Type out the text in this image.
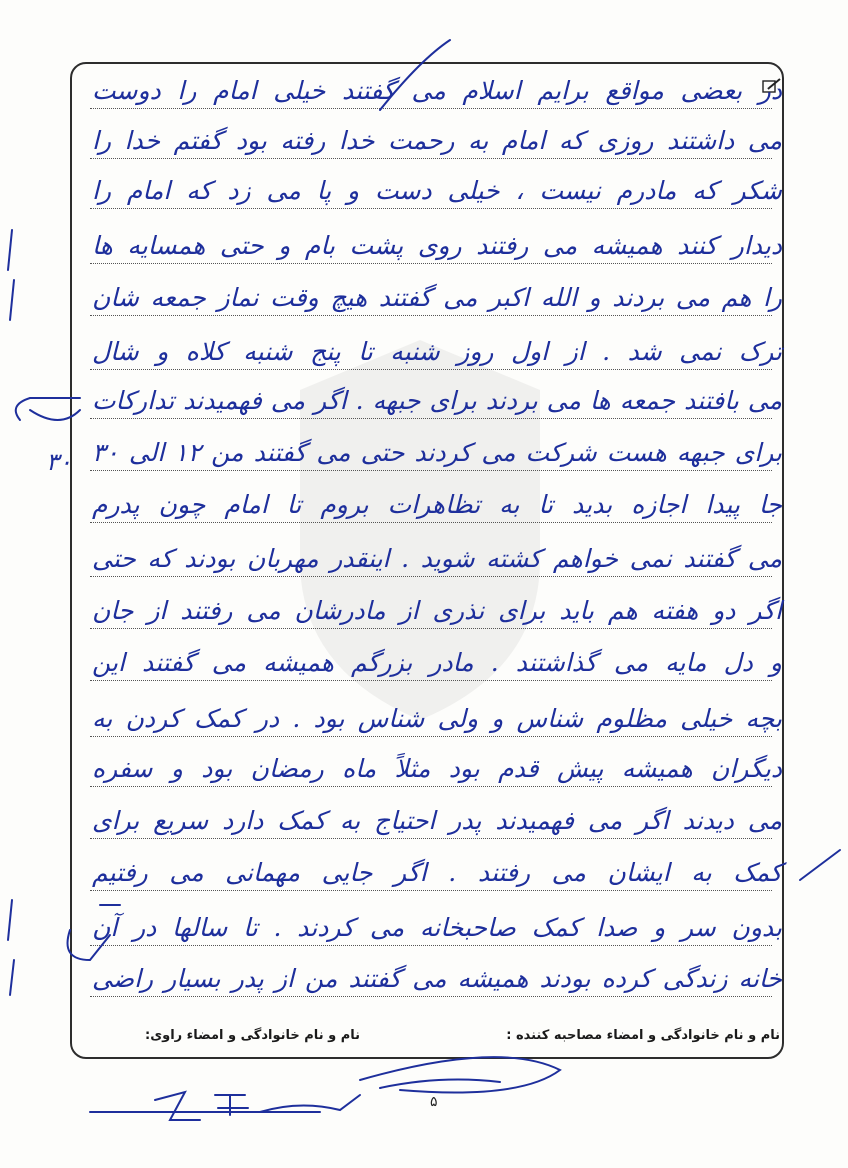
در بعضی مواقع برایم اسلام می گفتند خیلی امام را دوست
می داشتند روزی که امام به رحمت خدا رفته بود گفتم خدا را
شکر که مادرم نیست ، خیلی دست و پا می زد که امام را
دیدار کنند همیشه می رفتند روی پشت بام و حتی همسایه ها
را هم می بردند و الله اکبر می گفتند هیچ وقت نماز جمعه شان
ترک نمی شد . از اول روز شنبه تا پنج شنبه کلاه و شال
می بافتند جمعه ها می بردند برای جبهه . اگر می فهمیدند تدارکات
برای جبهه هست شرکت می کردند حتی می گفتند من ۱۲ الی ۳۰
جا پیدا اجازه بدید تا به تظاهرات بروم تا امام چون پدرم
می گفتند نمی خواهم کشته شوید . اینقدر مهربان بودند که حتی
اگر دو هفته هم باید برای نذری از مادرشان می رفتند از جان
و دل مایه می گذاشتند . مادر بزرگم همیشه می گفتند این
بچه خیلی مظلوم شناس و ولی شناس بود . در کمک کردن به
دیگران همیشه پیش قدم بود مثلاً ماه رمضان بود و سفره
می دیدند اگر می فهمیدند پدر احتیاج به کمک دارد سریع برای
کمک به ایشان می رفتند . اگر جایی مهمانی می رفتیم
بدون سر و صدا کمک صاحبخانه می کردند . تا سالها در آن
خانه زندگی کرده بودند همیشه می گفتند من از پدر بسیار راضی
۳۰
نام و نام خانوادگی و امضاء مصاحبه کننده :
نام و نام خانوادگی و امضاء راوی:
۵
